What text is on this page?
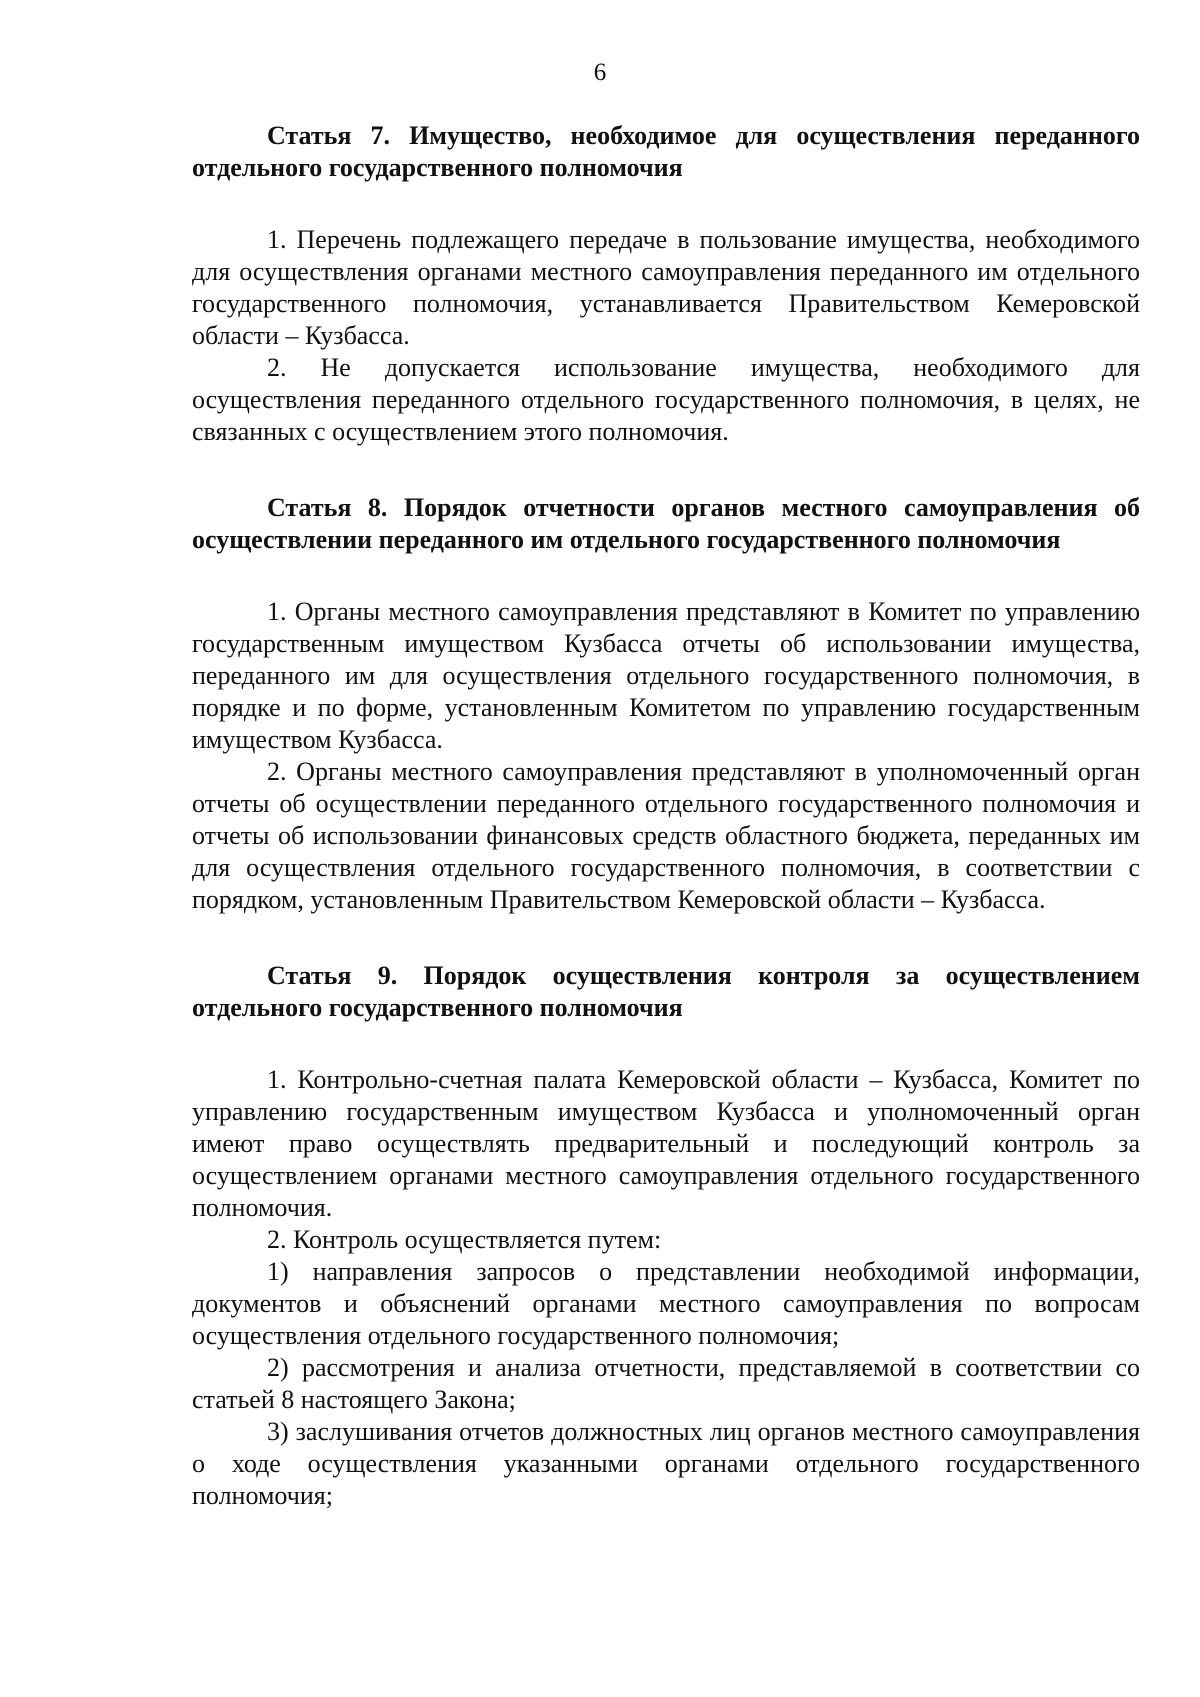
6

Статья 7. Имущество, необходимое для осуществления переданного отдельного государственного полномочия

1. Перечень подлежащего передаче в пользование имущества, необходимого для осуществления органами местного самоуправления переданного им отдельного государственного полномочия, устанавливается Правительством Кемеровской области – Кузбасса.

2. Не допускается использование имущества, необходимого для осуществления переданного отдельного государственного полномочия, в целях, не связанных с осуществлением этого полномочия.

Статья 8. Порядок отчетности органов местного самоуправления об осуществлении переданного им отдельного государственного полномочия

1. Органы местного самоуправления представляют в Комитет по управлению государственным имуществом Кузбасса отчеты об использовании имущества, переданного им для осуществления отдельного государственного полномочия, в порядке и по форме, установленным Комитетом по управлению государственным имуществом Кузбасса.

2. Органы местного самоуправления представляют в уполномоченный орган отчеты об осуществлении переданного отдельного государственного полномочия и отчеты об использовании финансовых средств областного бюджета, переданных им для осуществления отдельного государственного полномочия, в соответствии с порядком, установленным Правительством Кемеровской области – Кузбасса.

Статья 9. Порядок осуществления контроля за осуществлением отдельного государственного полномочия

1. Контрольно-счетная палата Кемеровской области – Кузбасса, Комитет по управлению государственным имуществом Кузбасса и уполномоченный орган имеют право осуществлять предварительный и последующий контроль за осуществлением органами местного самоуправления отдельного государственного полномочия.

2. Контроль осуществляется путем:

1) направления запросов о представлении необходимой информации, документов и объяснений органами местного самоуправления по вопросам осуществления отдельного государственного полномочия;

2) рассмотрения и анализа отчетности, представляемой в соответствии со статьей 8 настоящего Закона;

3) заслушивания отчетов должностных лиц органов местного самоуправления о ходе осуществления указанными органами отдельного государственного полномочия;
